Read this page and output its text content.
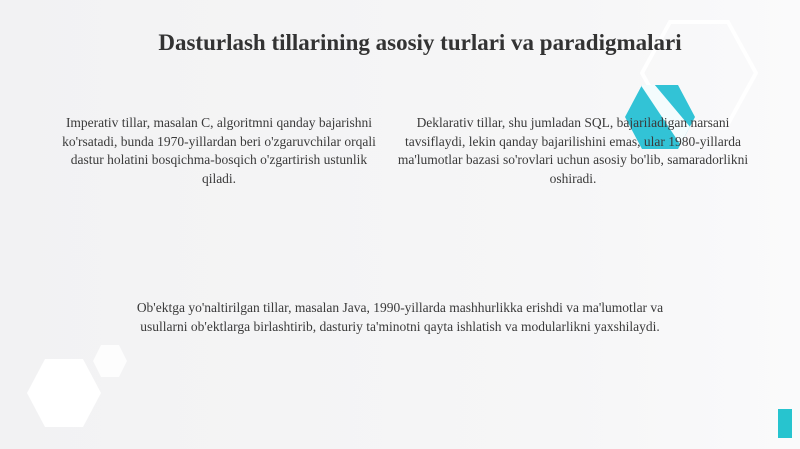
Dasturlash tillarining asosiy turlari va paradigmalari
Imperativ tillar, masalan C, algoritmni qanday bajarishni ko'rsatadi, bunda 1970-yillardan beri o'zgaruvchilar orqali dastur holatini bosqichma-bosqich o'zgartirish ustunlik qiladi.
Deklarativ tillar, shu jumladan SQL, bajariladigan narsani tavsiflaydi, lekin qanday bajarilishini emas, ular 1980-yillarda ma'lumotlar bazasi so'rovlari uchun asosiy bo'lib, samaradorlikni oshiradi.
Ob'ektga yo'naltirilgan tillar, masalan Java, 1990-yillarda mashhurlikka erishdi va ma'lumotlar va usullarni ob'ektlarga birlashtirib, dasturiy ta'minotni qayta ishlatish va modularlikni yaxshilaydi.
